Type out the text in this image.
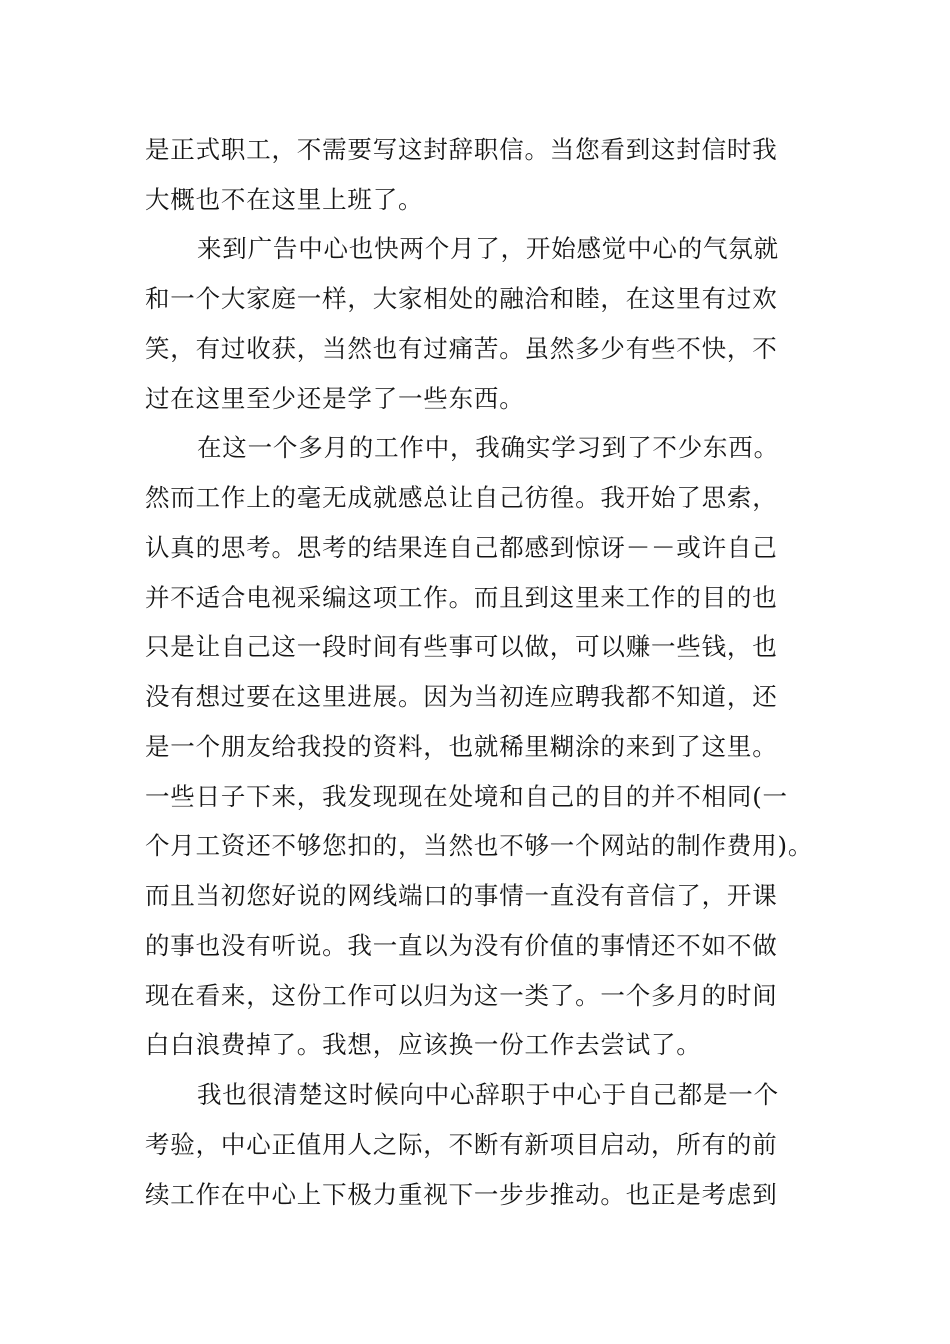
是正式职工，不需要写这封辞职信。当您看到这封信时我
大概也不在这里上班了。
来到广告中心也快两个月了，开始感觉中心的气氛就
和一个大家庭一样，大家相处的融洽和睦，在这里有过欢
笑，有过收获，当然也有过痛苦。虽然多少有些不快，不
过在这里至少还是学了一些东西。
在这一个多月的工作中，我确实学习到了不少东西。
然而工作上的毫无成就感总让自己彷徨。我开始了思索，
认真的思考。思考的结果连自己都感到惊讶－－或许自己
并不适合电视采编这项工作。而且到这里来工作的目的也
只是让自己这一段时间有些事可以做，可以赚一些钱，也
没有想过要在这里进展。因为当初连应聘我都不知道，还
是一个朋友给我投的资料，也就稀里糊涂的来到了这里。
一些日子下来，我发现现在处境和自己的目的并不相同(一
个月工资还不够您扣的，当然也不够一个网站的制作费用)。
而且当初您好说的网线端口的事情一直没有音信了，开课
的事也没有听说。我一直以为没有价值的事情还不如不做
现在看来，这份工作可以归为这一类了。一个多月的时间
白白浪费掉了。我想，应该换一份工作去尝试了。
我也很清楚这时候向中心辞职于中心于自己都是一个
考验，中心正值用人之际，不断有新项目启动，所有的前
续工作在中心上下极力重视下一步步推动。也正是考虑到
